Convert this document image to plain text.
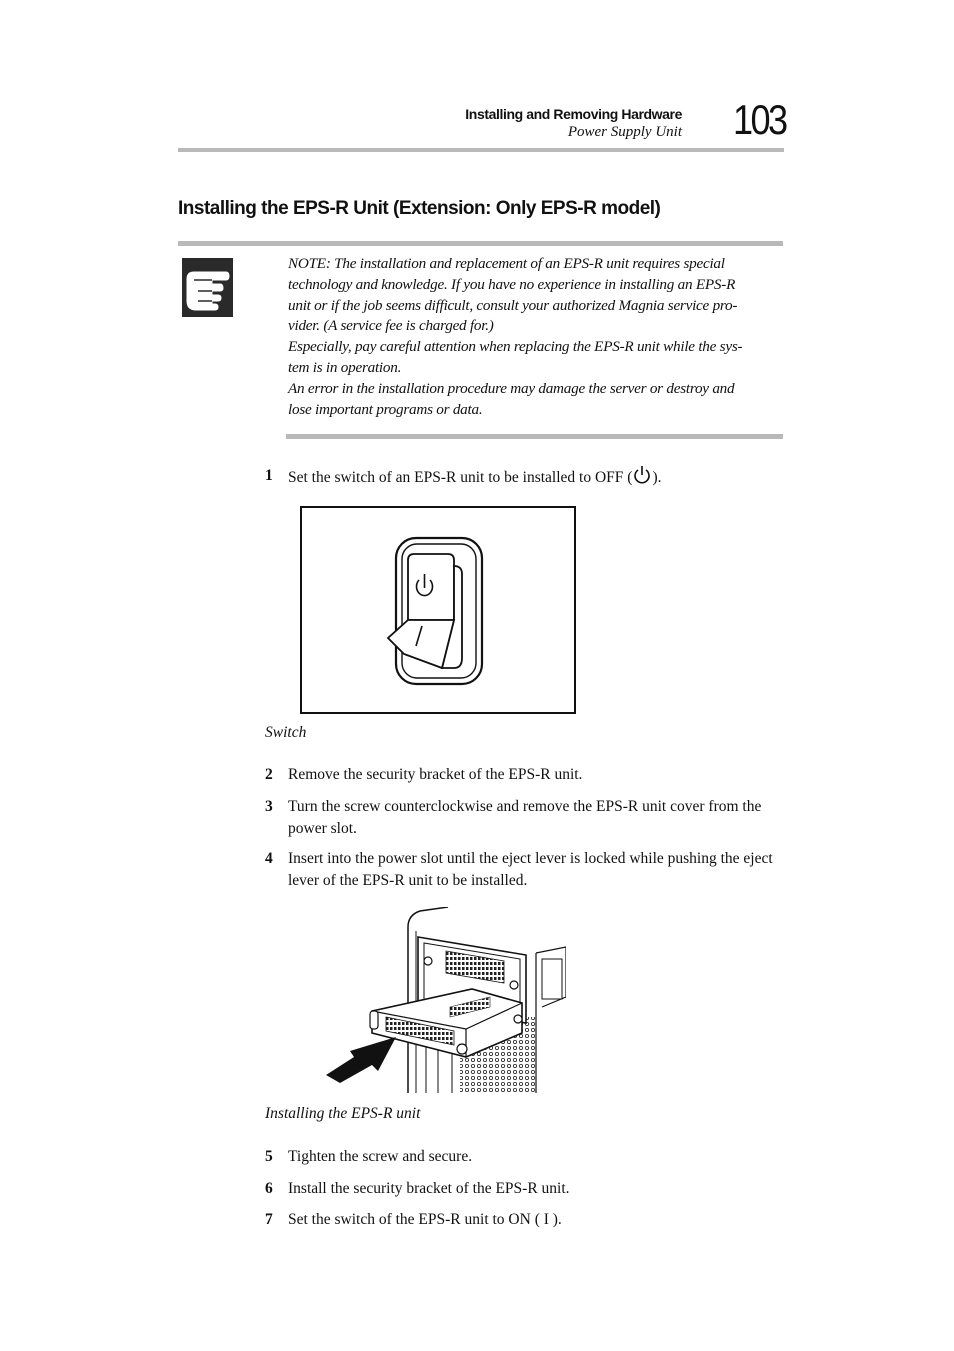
Installing and Removing Hardware
Power Supply Unit 103
Installing the EPS-R Unit (Extension: Only EPS-R model)

NOTE: The installation and replacement of an EPS-R unit requires special technology and knowledge. If you have no experience in installing an EPS-R unit or if the job seems difficult, consult your authorized Magnia service pro-vider. (A service fee is charged for.)

Especially, pay careful attention when replacing the EPS-R unit while the sys-tem is in operation.

An error in the installation procedure may damage the server or destroy and lose important programs or data.

1 Set the switch of an EPS-R unit to be installed to OFF ( ).
Switch
2 Remove the security bracket of the EPS-R unit.
3 Turn the screw counterclockwise and remove the EPS-R unit cover from the power slot.
4 Insert into the power slot until the eject lever is locked while pushing the eject lever of the EPS-R unit to be installed.
Installing the EPS-R unit
5 Tighten the screw and secure.
6 Install the security bracket of the EPS-R unit.
7 Set the switch of the EPS-R unit to ON ( I ).
